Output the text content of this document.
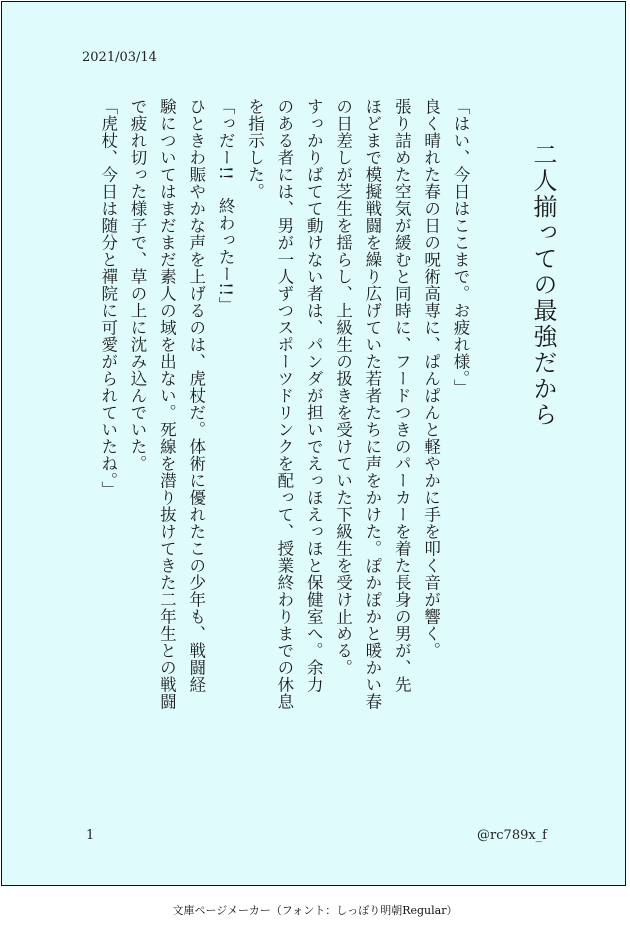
2021/03/14
二人揃っての最強だから

「はい、今日はここまで。お疲れ様。」

良く晴れた春の日の呪術高専に、ぱんぱんと軽やかに手を叩く音が響く。

張り詰めた空気が緩むと同時に、フードつきのパーカーを着た長身の男が、先

ほどまで模擬戦闘を繰り広げていた若者たちに声をかけた。ぽかぽかと暖かい春

の日差しが芝生を揺らし、上級生の扱きを受けていた下級生を受け止める。

すっかりばてて動けない者は、パンダが担いでえっほえっほと保健室へ。余力

のある者には、男が一人ずつスポーツドリンクを配って、授業終わりまでの休息

を指示した。

「っだー!!　終わったー!!」

ひときわ賑やかな声を上げるのは、虎杖だ。体術に優れたこの少年も、戦闘経

験についてはまだまだ素人の域を出ない。死線を潜り抜けてきた二年生との戦闘

で疲れ切った様子で、草の上に沈み込んでいた。

「虎杖、今日は随分と禪院に可愛がられていたね。」

1	@rc789x_f
文庫ページメーカー（フォント：しっぽり明朝Regular）
